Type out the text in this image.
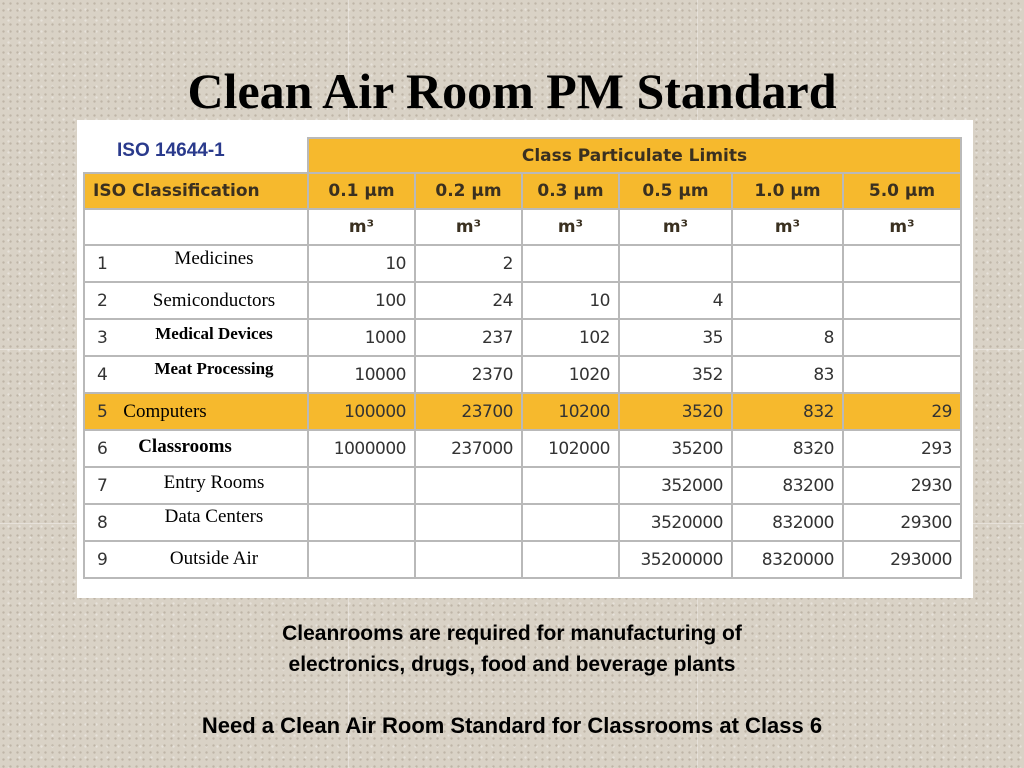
Clean Air Room PM Standard
ISO 14644-1
		Class Particulate Limits					
ISO Classification	0.1 µm	0.2 µm	0.3 µm	0.5 µm	1.0 µm	5.0 µm
	m³	m³	m³	m³	m³	m³

1 Medicines	10	2				

2 Semiconductors	100	24	10	4		

3 Medical Devices	1000	237	102	35	8	

4 Meat Processing	10000	2370	1020	352	83	

5 Computers	100000	23700	10200	3520	832	29

6 Classrooms	1000000	237000	102000	35200	8320	293

7 Entry Rooms				352000	83200	2930

8 Data Centers				3520000	832000	29300

9 Outside Air				35200000	8320000	293000
Cleanrooms are required for manufacturing of
electronics, drugs, food and beverage plants
Need a Clean Air Room Standard for Classrooms at Class 6
